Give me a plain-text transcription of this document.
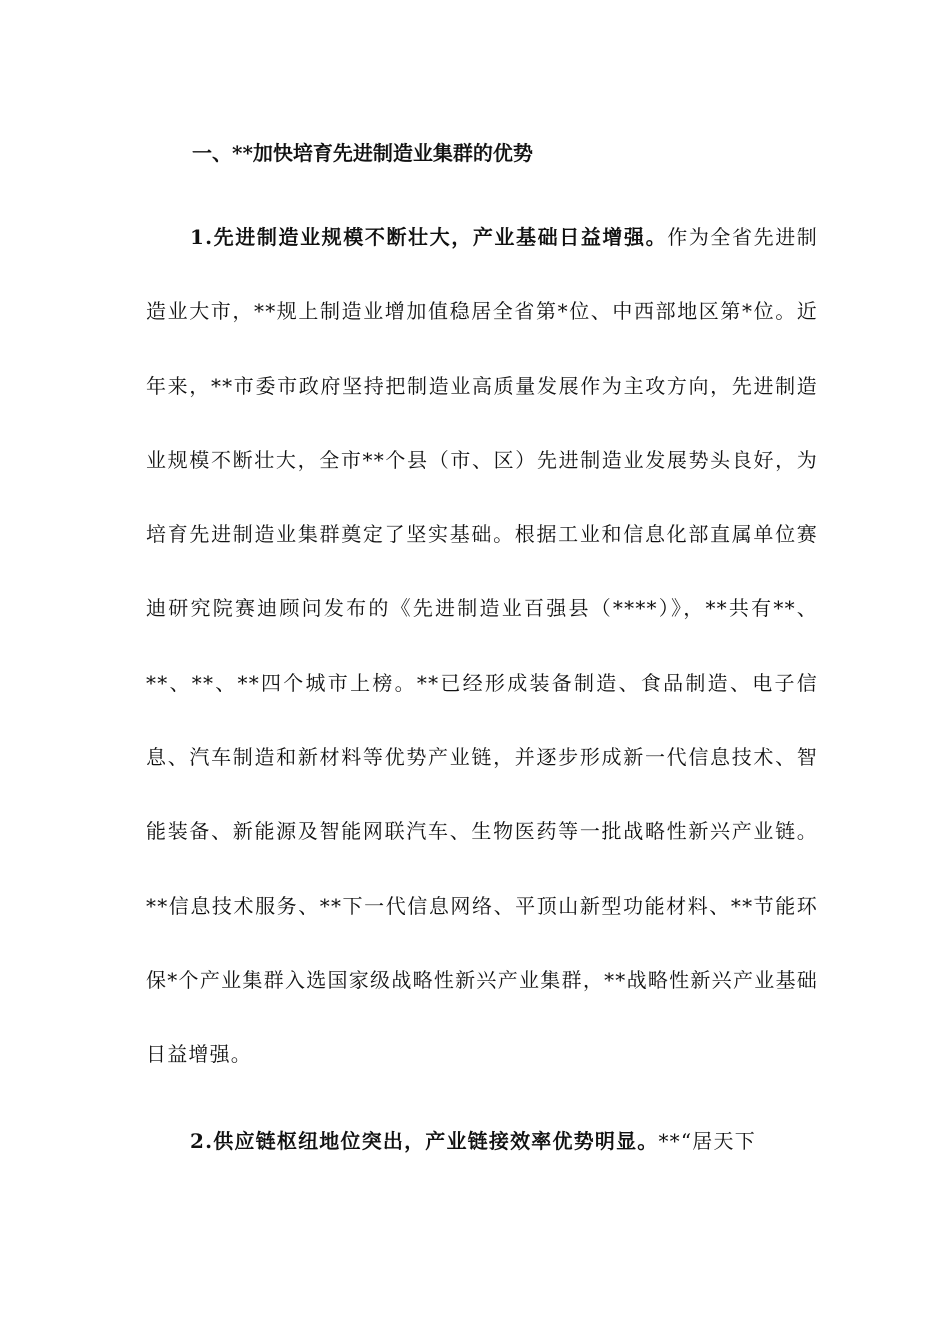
一、**加快培育先进制造业集群的优势

1.先进制造业规模不断壮大，产业基础日益增强。作为全省先进制造业大市，**规上制造业增加值稳居全省第*位、中西部地区第*位。近年来，**市委市政府坚持把制造业高质量发展作为主攻方向，先进制造业规模不断壮大，全市**个县（市、区）先进制造业发展势头良好，为培育先进制造业集群奠定了坚实基础。根据工业和信息化部直属单位赛迪研究院赛迪顾问发布的《先进制造业百强县（****）》，**共有**、**、**、**四个城市上榜。**已经形成装备制造、食品制造、电子信息、汽车制造和新材料等优势产业链，并逐步形成新一代信息技术、智能装备、新能源及智能网联汽车、生物医药等一批战略性新兴产业链。**信息技术服务、**下一代信息网络、平顶山新型功能材料、**节能环保*个产业集群入选国家级战略性新兴产业集群，**战略性新兴产业基础日益增强。

2.供应链枢纽地位突出，产业链接效率优势明显。**“居天下
